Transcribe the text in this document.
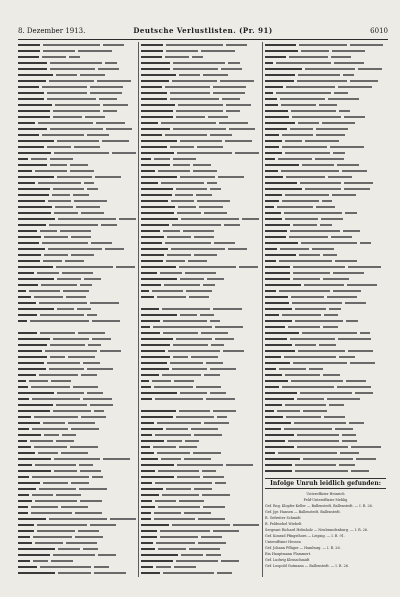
8. Dezember 1913.	Deutsche Verlustlisten. (Pr. 91)	6010
Infolge Unruh leidlich gefunden:
Unteroffizier Heinrich
Feld-Unteroffizier Mehlig
Gef. Reg. Klopfer Keller — Ballenstedt, Ballenstedt. — I. R. 26.
Gef. Jgr. Hansen — Ballenstedt, Ballenstedt.
R. Gefreiter Schmidt
R. Feldwebel Wiebelt
Sergeant Richard Helmholz — Neubrandenburg. — I. R. 26.
Gef. Konrad Pfingsthorn — Leipzig. — I. R. 91.
Unteroffizier Hessen
Gef. Johann Pflüger — Hamburg. — I. R. 26.
Ein Hauptmann Flammert.
Gef. Ludwig Kleinschmidt
Gef. Leopold Gutmann — Ballenstedt. — I. R. 26.
